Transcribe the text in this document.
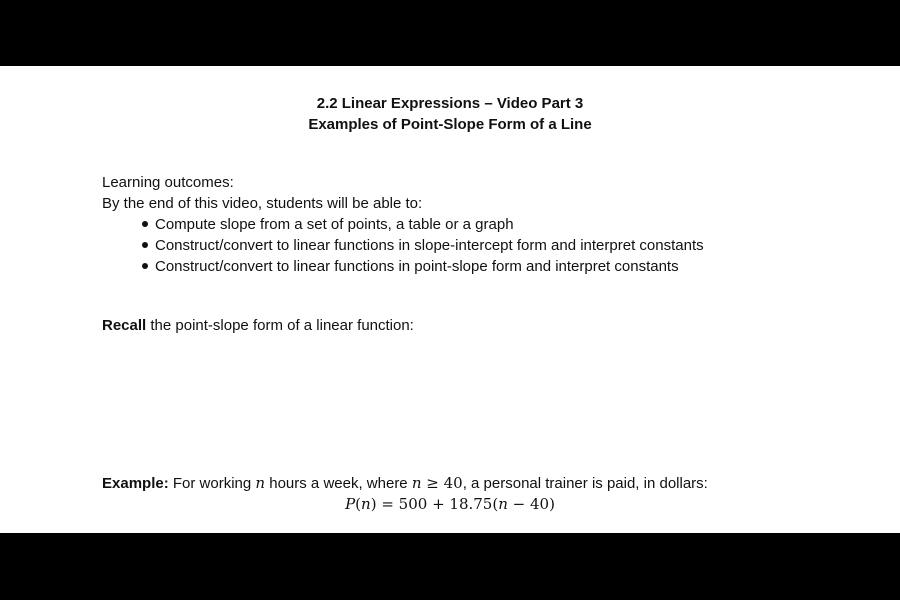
2.2 Linear Expressions – Video Part 3
Examples of Point-Slope Form of a Line
Learning outcomes:
By the end of this video, students will be able to:
Compute slope from a set of points, a table or a graph
Construct/convert to linear functions in slope-intercept form and interpret constants
Construct/convert to linear functions in point-slope form and interpret constants
Recall the point-slope form of a linear function:
Example: For working n hours a week, where n ≥ 40, a personal trainer is paid, in dollars:
P(n) = 500 + 18.75(n − 40)
